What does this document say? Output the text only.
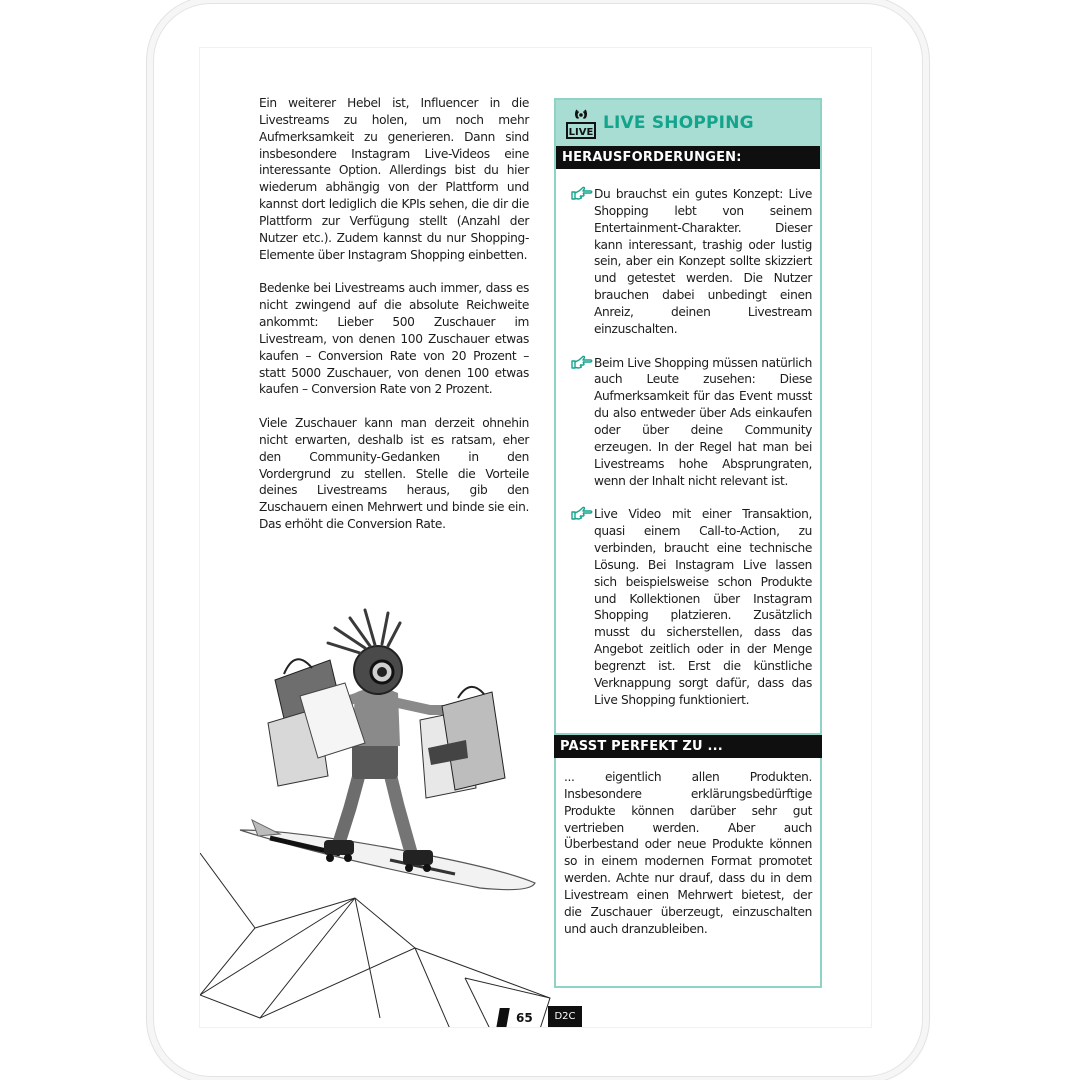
Ein weiterer Hebel ist, Influencer in die Livestreams zu holen, um noch mehr Aufmerksamkeit zu generieren. Dann sind insbesondere Instagram Live-Videos eine interessante Option. Allerdings bist du hier wiederum abhängig von der Plattform und kannst dort lediglich die KPIs sehen, die dir die Plattform zur Verfügung stellt (Anzahl der Nutzer etc.). Zudem kannst du nur Shopping-Elemente über Instagram Shopping einbetten.

Bedenke bei Livestreams auch immer, dass es nicht zwingend auf die absolute Reichweite ankommt: Lieber 500 Zuschauer im Livestream, von denen 100 Zuschauer etwas kaufen – Conversion Rate von 20 Prozent – statt 5000 Zuschauer, von denen 100 etwas kaufen – Conversion Rate von 2 Prozent.

Viele Zuschauer kann man derzeit ohnehin nicht erwarten, deshalb ist es ratsam, eher den Community-Gedanken in den Vordergrund zu stellen. Stelle die Vorteile deines Livestreams heraus, gib den Zuschauern einen Mehrwert und binde sie ein. Das erhöht die Conversion Rate.

LIVE LIVE SHOPPING
HERAUSFORDERUNGEN:
Du brauchst ein gutes Konzept: Live Shopping lebt von seinem Entertainment-Charakter. Dieser kann interessant, trashig oder lustig sein, aber ein Konzept sollte skizziert und getestet werden. Die Nutzer brauchen dabei unbedingt einen Anreiz, deinen Livestream einzuschalten.
Beim Live Shopping müssen natürlich auch Leute zusehen: Diese Aufmerksamkeit für das Event musst du also entweder über Ads einkaufen oder über deine Community erzeugen. In der Regel hat man bei Livestreams hohe Absprungraten, wenn der Inhalt nicht relevant ist.
Live Video mit einer Transaktion, quasi einem Call-to-Action, zu verbinden, braucht eine technische Lösung. Bei Instagram Live lassen sich beispielsweise schon Produkte und Kollektionen über Instagram Shopping platzieren. Zusätzlich musst du sicherstellen, dass das Angebot zeitlich oder in der Menge begrenzt ist. Erst die künstliche Verknappung sorgt dafür, dass das Live Shopping funktioniert.
PASST PERFEKT ZU ...
... eigentlich allen Produkten. Insbesondere erklärungsbedürftige Produkte können darüber sehr gut vertrieben werden. Aber auch Überbestand oder neue Produkte können so in einem modernen Format promotet werden. Achte nur drauf, dass du in dem Livestream einen Mehrwert bietest, der die Zuschauer überzeugt, einzuschalten und auch dranzubleiben.
65	D2C
